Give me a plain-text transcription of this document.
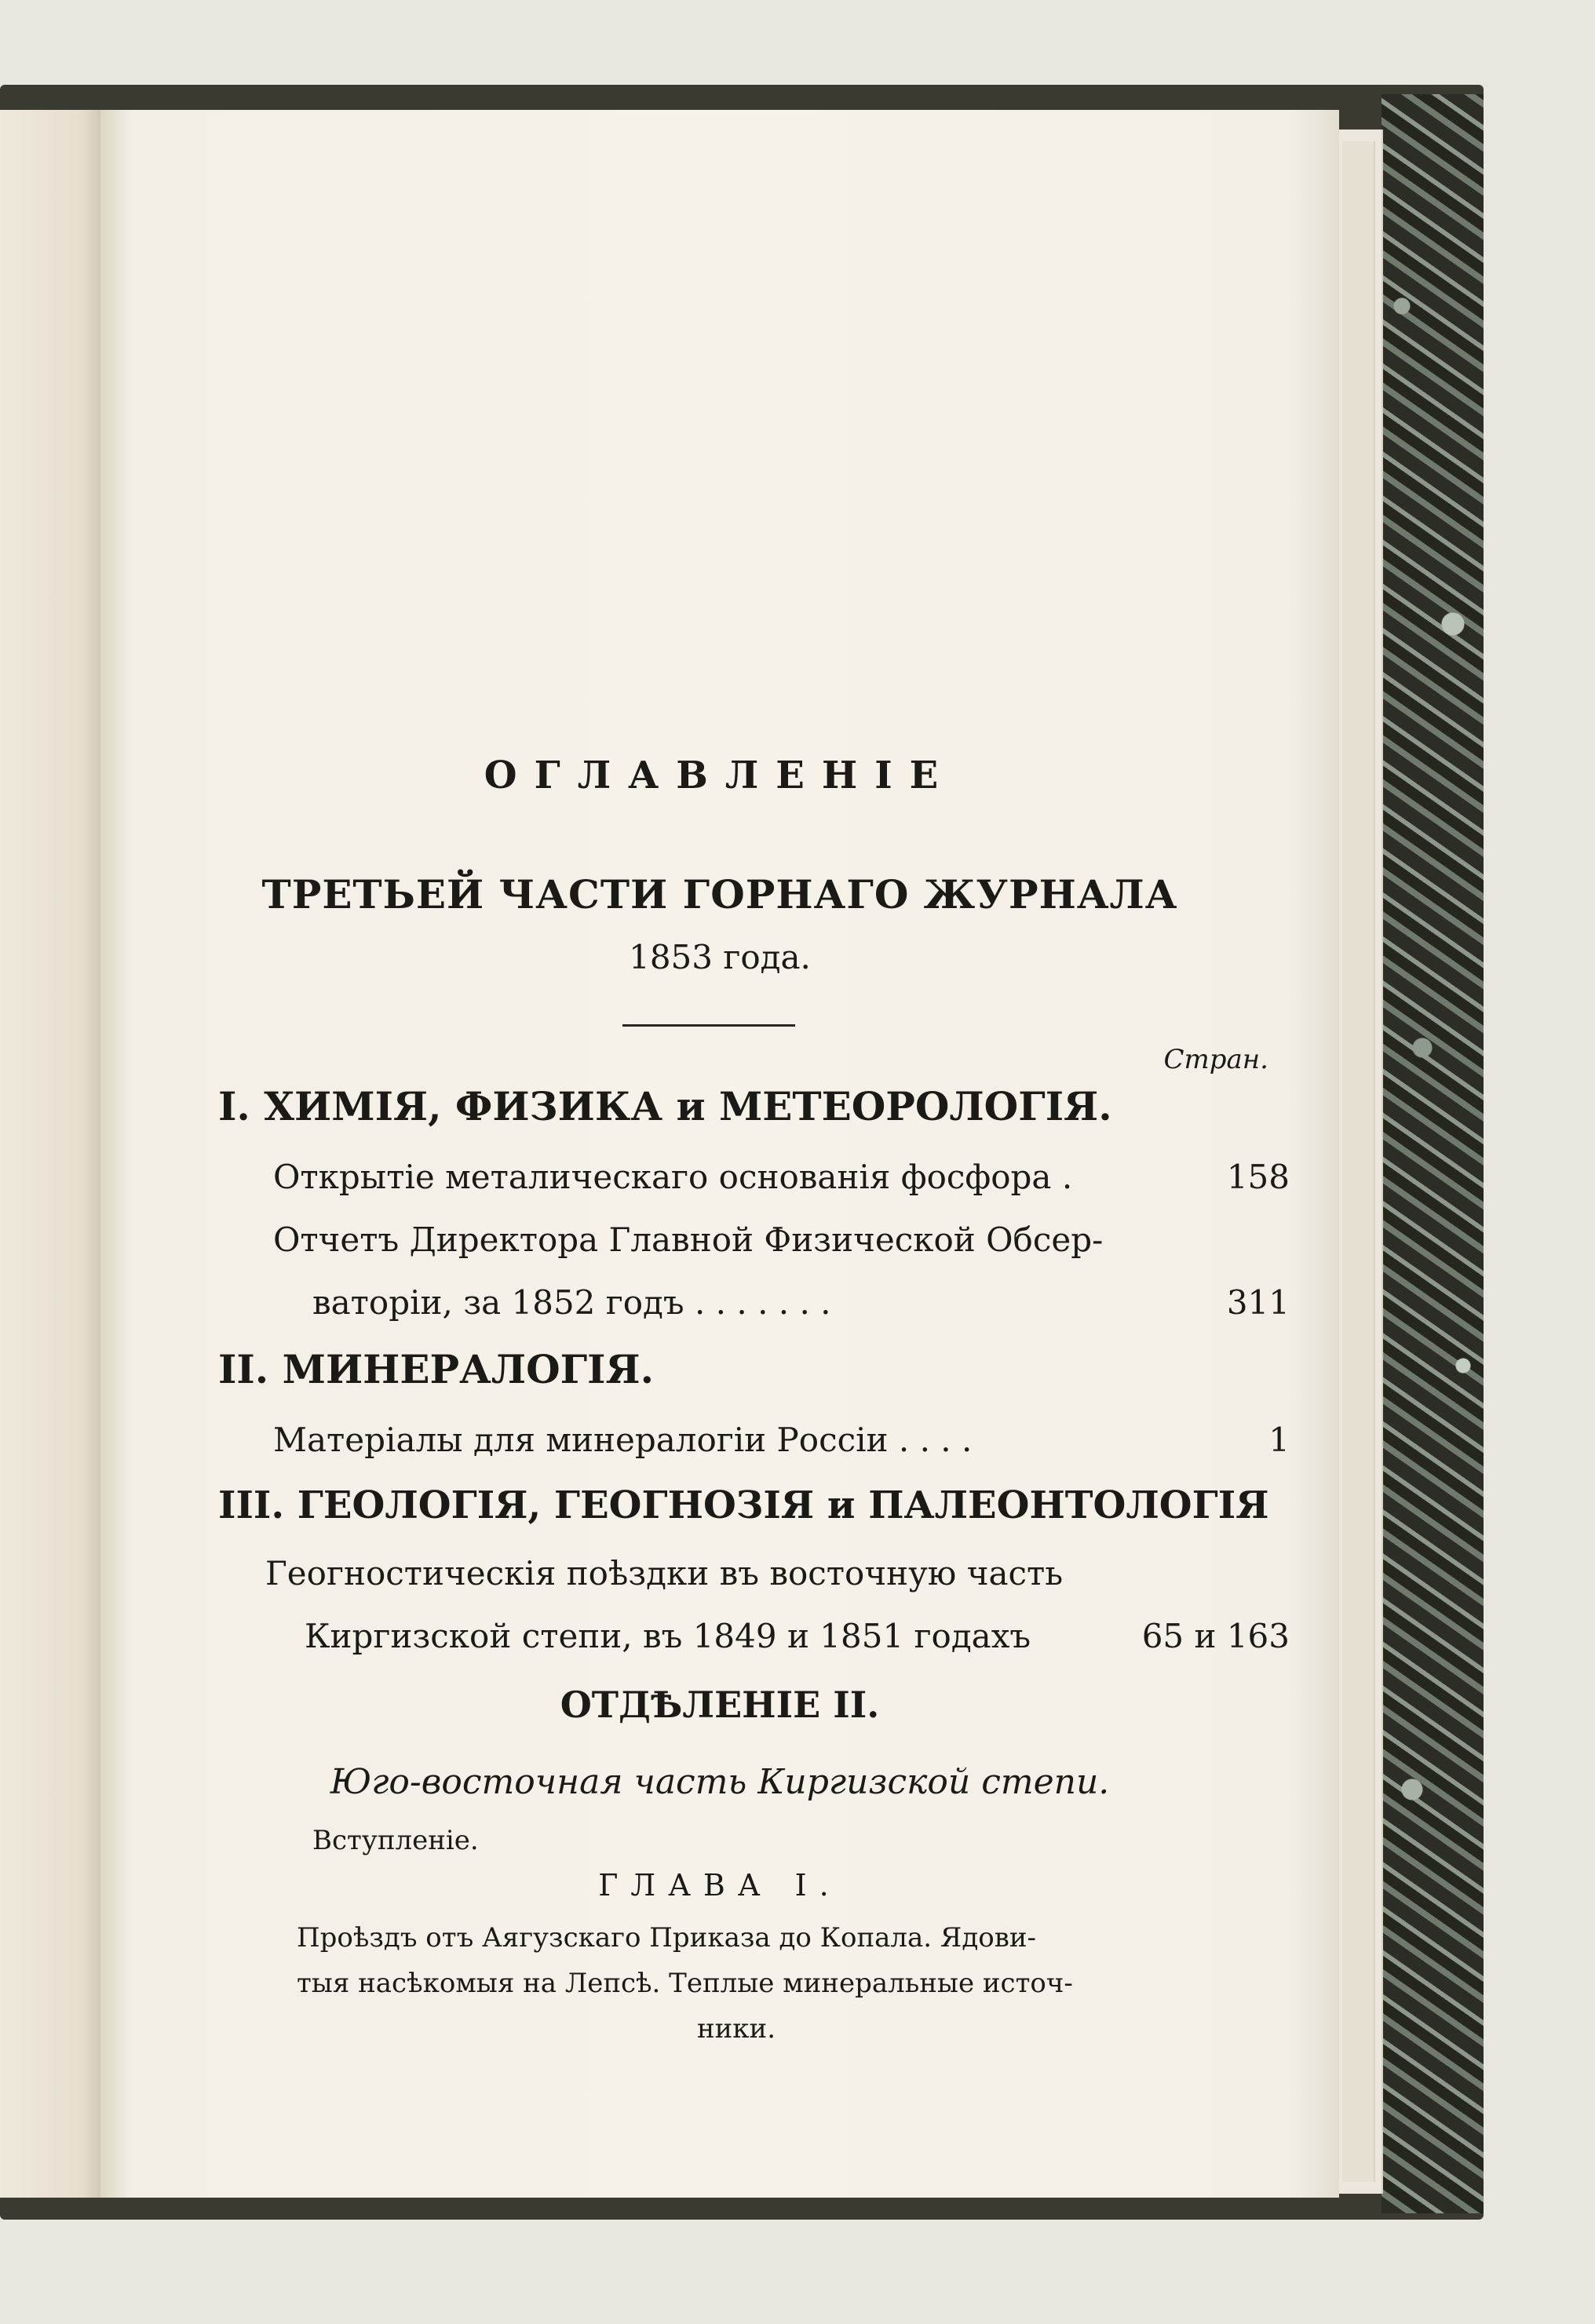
ОГЛАВЛЕНІЕ
ТРЕТЬЕЙ ЧАСТИ ГОРНАГО ЖУРНАЛА
1853 года.
Стран.
I. ХИМІЯ, ФИЗИКА и МЕТЕОРОЛОГІЯ.
Открытіе металическаго основанія фосфора .	158
Отчетъ Директора Главной Физической Обсер-
ваторіи, за 1852 годъ . . . . . . .	311
II. МИНЕРАЛОГІЯ.
Матеріалы для минералогіи Россіи . . . .	1
III. ГЕОЛОГІЯ, ГЕОГНОЗІЯ и ПАЛЕОНТОЛОГІЯ
Геогностическія поѣздки въ восточную часть
Киргизской степи, въ 1849 и 1851 годахъ	65 и 163
ОТДѢЛЕНІЕ II.
Юго-восточная часть Киргизской степи.
Вступленіе.
ГЛАВА I.
Проѣздъ отъ Аягузскаго Приказа до Копала. Ядови-
тыя насѣкомыя на Лепсѣ. Теплые минеральные источ-
ники.
